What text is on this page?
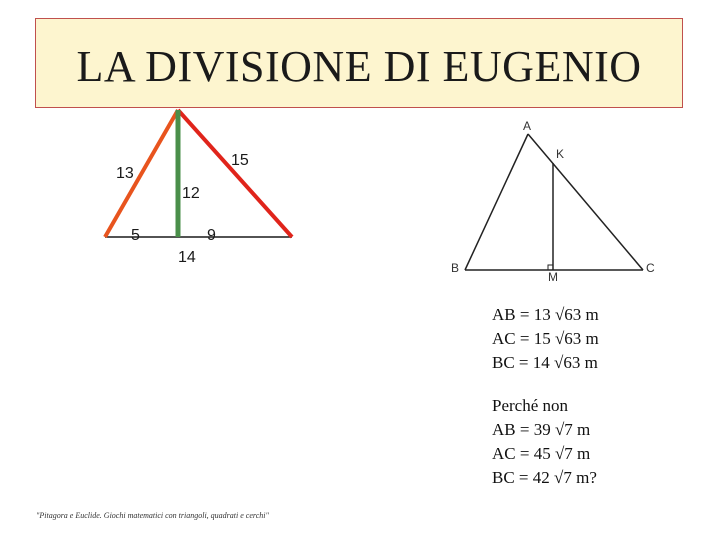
LA DIVISIONE DI EUGENIO
13
15
12
5	9
14
A
K
B	C
M
AB = 13 √63 m
AC = 15 √63 m
BC = 14 √63 m
Perché non
AB = 39 √7 m
AC = 45 √7 m
BC = 42 √7 m?
"Pitagora e Euclide. Giochi matematici con triangoli, quadrati e cerchi"
